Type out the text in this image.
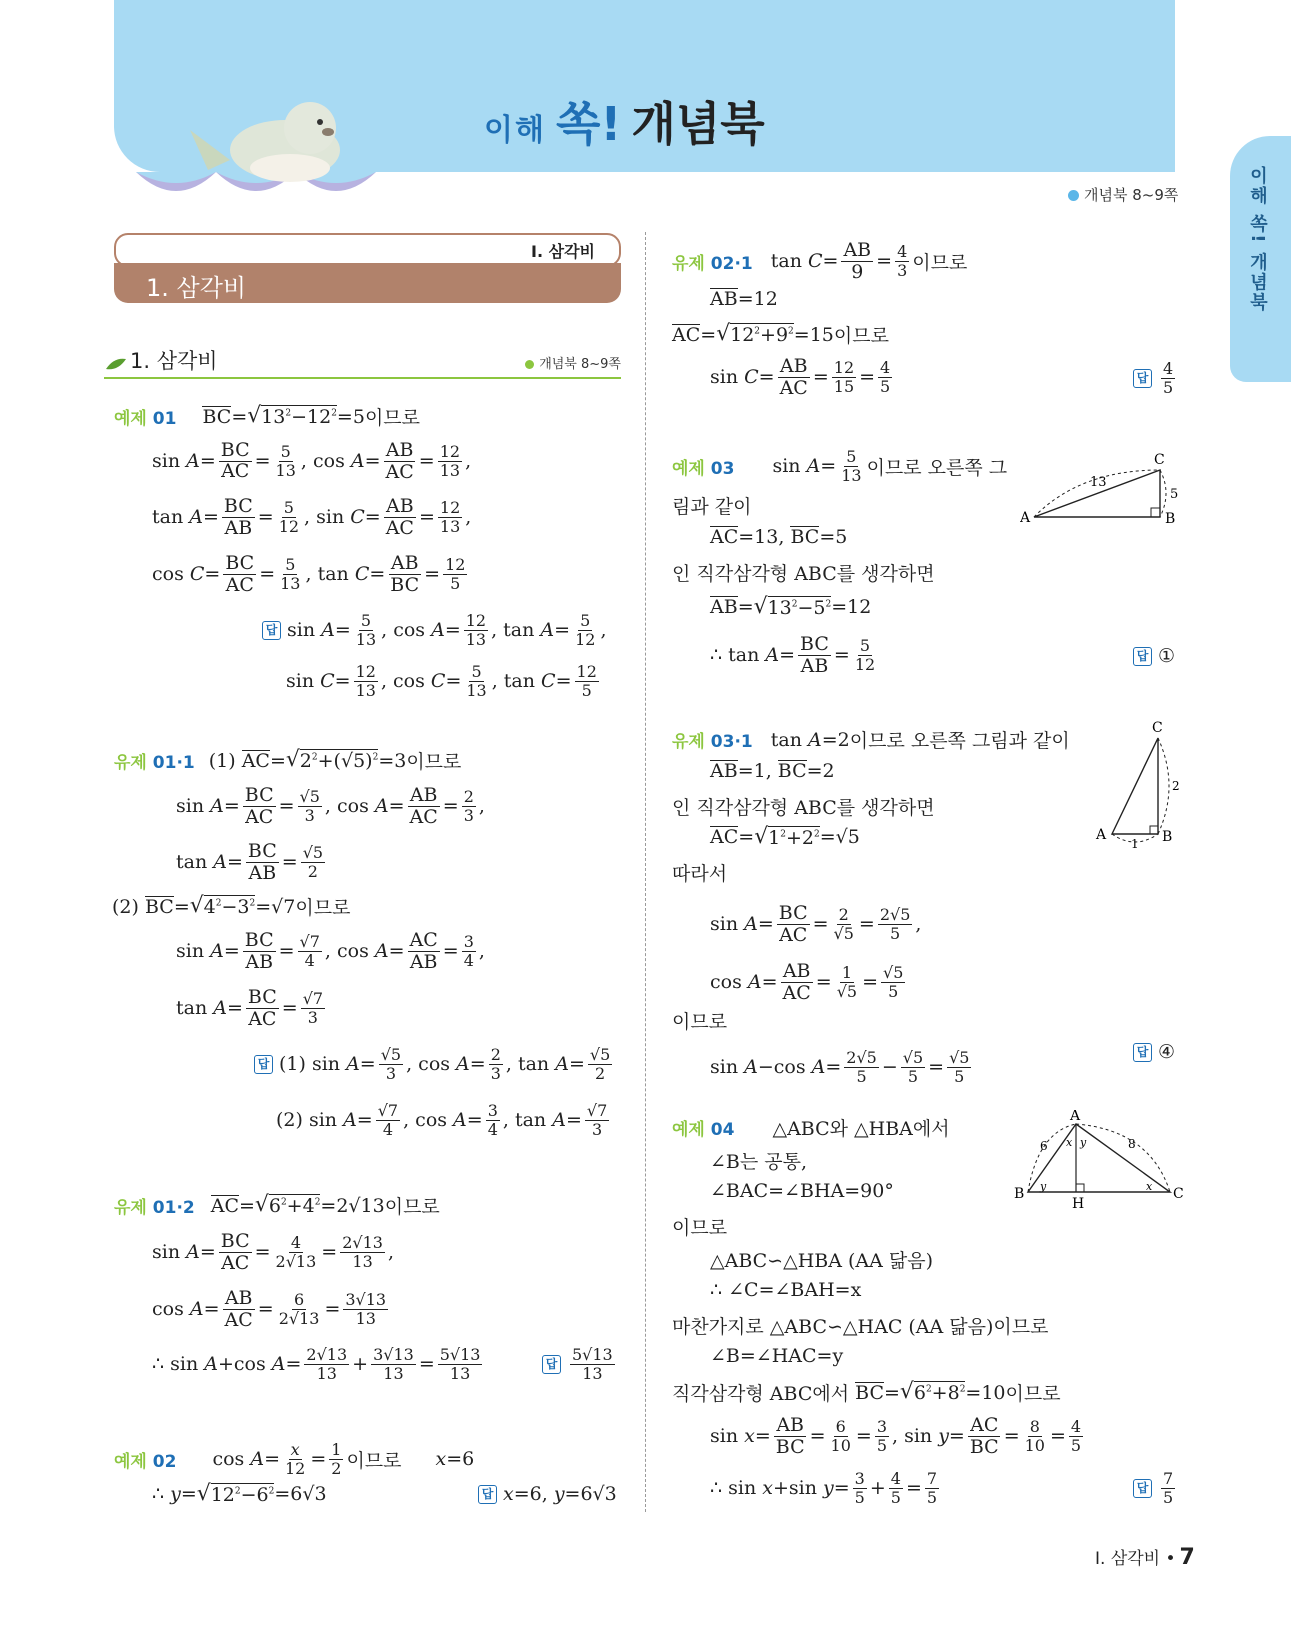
이해 쏙! 개념북
이해 쏙! 개념북
개념북 8~9쪽
I. 삼각비
1. 삼각비
1. 삼각비	개념북 8~9쪽
예제 01 BC = √ $13^2-12^2 =5$ 이므로
$\sin A = \frac{BC}{AC} = \frac{5}{13}$ , $\cos A = \frac{AB}{AC} = \frac{12}{13}$ ,
$\tan A = \frac{BC}{AB} = \frac{5}{12}$ , $\sin C = \frac{AB}{AC} = \frac{12}{13}$ ,
$\cos C = \frac{BC}{AC} = \frac{5}{13}$ , $\tan C = \frac{AB}{BC} = \frac{12}{5}$
답 $\sin A = \frac{5}{13}$ , $\cos A = \frac{12}{13}$ , $\tan A = \frac{5}{12}$ ,
$\sin C = \frac{12}{13}$ , $\cos C = \frac{5}{13}$ , $\tan C = \frac{12}{5}$
유제 01·1 (1) AC = √ $2^2+(√5)^2 =3$ 이므로
$\sin A = \frac{BC}{AC} = \frac{√5}{3}$ , $\cos A = \frac{AB}{AC} = \frac{2}{3}$ ,
$\tan A = \frac{BC}{AB} = \frac{√5}{2}$
(2) BC = √ $4^2-3^2 =√7$ 이므로
$\sin A = \frac{BC}{AB} = \frac{√7}{4}$ , $\cos A = \frac{AC}{AB} = \frac{3}{4}$ ,
$\tan A = \frac{BC}{AC} = \frac{√7}{3}$
답 (1) $\sin A = \frac{√5}{3}$ , $\cos A = \frac{2}{3}$ , $\tan A = \frac{√5}{2}$
(2) $\sin A = \frac{√7}{4}$ , $\cos A = \frac{3}{4}$ , $\tan A = \frac{√7}{3}$
유제 01·2 AC = √ $6^2+4^2 =2√13$ 이므로
$\sin A = \frac{BC}{AC} = \frac{4}{2√13} = \frac{2√13}{13}$ ,
$\cos A = \frac{AB}{AC} = \frac{6}{2√13} = \frac{3√13}{13}$
∴ sin A +cos $A = \frac{2√13}{13} + \frac{3√13}{13} = \frac{5√13}{13}$	답 $\frac{5√13}{13}$
예제 02 $\cos A = \frac{x}{12} = \frac{1}{2}$ 이므로 x=6
∴ y = √ $12^2-6^2 =6√3$	답 x =6, y =6√3
유제 02·1 $\tan C = \frac{AB}{9} = \frac{4}{3}$ 이므로
AB =12
AC = √ $12^2+9^2 =15$ 이므로
$\sin C = \frac{AB}{AC} = \frac{12}{15} = \frac{4}{5}$	답 $\frac{4}{5}$
예제 03 $\sin A = \frac{5}{13}$ 이므로 오른쪽 그
림과 같이
AC =13, BC =5
인 직각삼각형 ABC를 생각하면
AB = √ $13^2-5^2 =12$
∴ $\tan A = \frac{BC}{AB} = \frac{5}{12}$	답 ①
A	B
C
13
5
유제 03·1 tan A =2 이므로 오른쪽 그림과 같이
AB =1, BC =2
인 직각삼각형 ABC를 생각하면
AC = √ $1^2+2^2 =√5$
따라서
$\sin A = \frac{BC}{AC} = \frac{2}{√5} = \frac{2√5}{5}$ ,
$\cos A = \frac{AB}{AC} = \frac{1}{√5} = \frac{√5}{5}$
이므로
sin A −cos $A = \frac{2√5}{5} - \frac{√5}{5} = \frac{√5}{5}$	답 ④
A	B
C
1
2
예제 04 △ABC와 △HBA에서
∠B는 공통,
∠BAC=∠BHA=90°
이므로
△ABC∽△HBA (AA 닮음)
∴ ∠C=∠BAH=x
마찬가지로 △ABC∽△HAC (AA 닮음)이므로
∠B=∠HAC=y
직각삼각형 ABC에서
BC = √ $6^2+8^2 =10$ 이므로
$\sin x = \frac{AB}{BC} = \frac{6}{10} = \frac{3}{5}$ , $\sin y = \frac{AC}{BC} = \frac{8}{10} = \frac{4}{5}$
∴ sin x +sin $y = \frac{3}{5} + \frac{4}{5} = \frac{7}{5}$	답 $\frac{7}{5}$
A
B	C
H
6	8
x y
y	x
I. 삼각비 • 7
